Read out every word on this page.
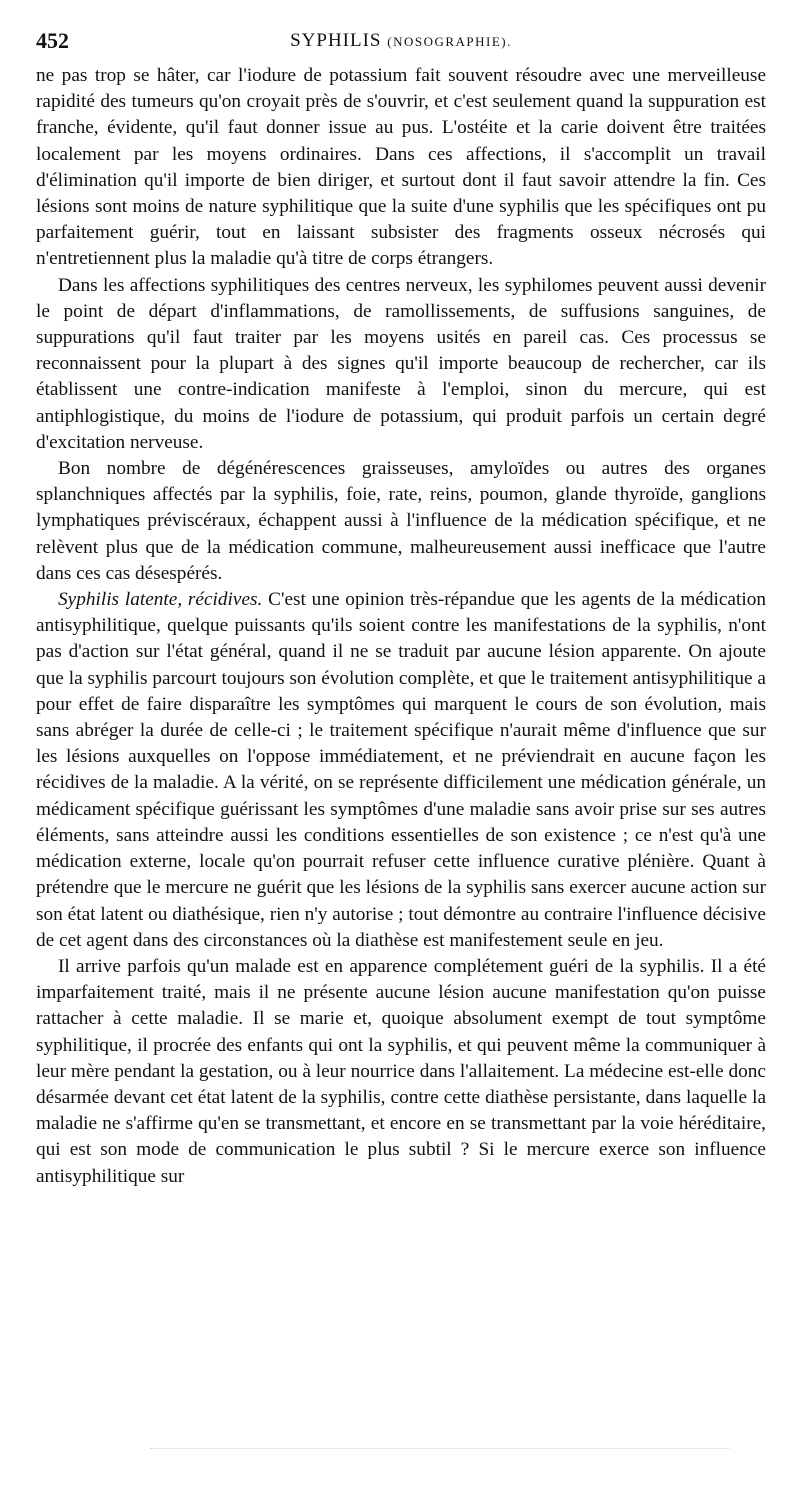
452	SYPHILIS (NOSOGRAPHIE).

ne pas trop se hâter, car l'iodure de potassium fait souvent résoudre avec une merveilleuse rapidité des tumeurs qu'on croyait près de s'ouvrir, et c'est seulement quand la suppuration est franche, évidente, qu'il faut donner issue au pus. L'ostéite et la carie doivent être traitées localement par les moyens ordinaires. Dans ces affections, il s'accomplit un travail d'élimination qu'il importe de bien diriger, et surtout dont il faut savoir attendre la fin. Ces lésions sont moins de nature syphilitique que la suite d'une syphilis que les spécifiques ont pu parfaitement guérir, tout en laissant subsister des fragments osseux nécrosés qui n'entretiennent plus la maladie qu'à titre de corps étrangers.

Dans les affections syphilitiques des centres nerveux, les syphilomes peuvent aussi devenir le point de départ d'inflammations, de ramollissements, de suffusions sanguines, de suppurations qu'il faut traiter par les moyens usités en pareil cas. Ces processus se reconnaissent pour la plupart à des signes qu'il importe beaucoup de rechercher, car ils établissent une contre-indication manifeste à l'emploi, sinon du mercure, qui est antiphlogistique, du moins de l'iodure de potassium, qui produit parfois un certain degré d'excitation nerveuse.

Bon nombre de dégénérescences graisseuses, amyloïdes ou autres des organes splanchniques affectés par la syphilis, foie, rate, reins, poumon, glande thyroïde, ganglions lymphatiques préviscéraux, échappent aussi à l'influence de la médication spécifique, et ne relèvent plus que de la médication commune, malheureusement aussi inefficace que l'autre dans ces cas désespérés.

Syphilis latente, récidives. C'est une opinion très-répandue que les agents de la médication antisyphilitique, quelque puissants qu'ils soient contre les manifestations de la syphilis, n'ont pas d'action sur l'état général, quand il ne se traduit par aucune lésion apparente. On ajoute que la syphilis parcourt toujours son évolution complète, et que le traitement antisyphilitique a pour effet de faire disparaître les symptômes qui marquent le cours de son évolution, mais sans abréger la durée de celle-ci ; le traitement spécifique n'aurait même d'influence que sur les lésions auxquelles on l'oppose immédiatement, et ne préviendrait en aucune façon les récidives de la maladie. A la vérité, on se représente difficilement une médication générale, un médicament spécifique guérissant les symptômes d'une maladie sans avoir prise sur ses autres éléments, sans atteindre aussi les conditions essentielles de son existence ; ce n'est qu'à une médication externe, locale qu'on pourrait refuser cette influence curative plénière. Quant à prétendre que le mercure ne guérit que les lésions de la syphilis sans exercer aucune action sur son état latent ou diathésique, rien n'y autorise ; tout démontre au contraire l'influence décisive de cet agent dans des circonstances où la diathèse est manifestement seule en jeu.

Il arrive parfois qu'un malade est en apparence complétement guéri de la syphilis. Il a été imparfaitement traité, mais il ne présente aucune lésion aucune manifestation qu'on puisse rattacher à cette maladie. Il se marie et, quoique absolument exempt de tout symptôme syphilitique, il procrée des enfants qui ont la syphilis, et qui peuvent même la communiquer à leur mère pendant la gestation, ou à leur nourrice dans l'allaitement. La médecine est-elle donc désarmée devant cet état latent de la syphilis, contre cette diathèse persistante, dans laquelle la maladie ne s'affirme qu'en se transmettant, et encore en se transmettant par la voie héréditaire, qui est son mode de communication le plus subtil ? Si le mercure exerce son influence antisyphilitique sur
